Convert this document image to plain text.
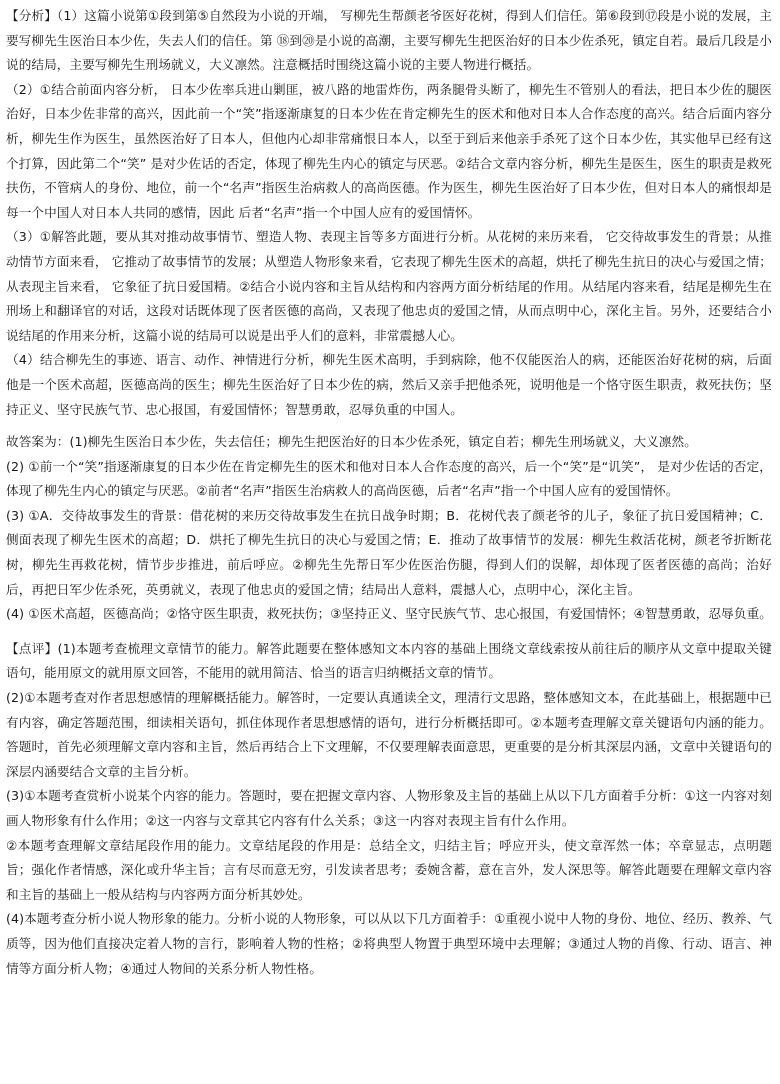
【分析】（1）这篇小说第①段到第⑤自然段为小说的开端， 写柳先生帮颜老爷医好花树，得到人们信任。第⑥段到⑰段是小说的发展，主要写柳先生医治日本少佐，失去人们的信任。第 ⑱到⑳是小说的高潮，主要写柳先生把医治好的日本少佐杀死，镇定自若。最后几段是小说的结局，主要写柳先生刑场就义，大义凛然。注意概括时围绕这篇小说的主要人物进行概括。

（2）①结合前面内容分析， 日本少佐率兵进山剿匪，被八路的地雷炸伤，两条腿骨头断了，柳先生不管别人的看法，把日本少佐的腿医治好，日本少佐非常的高兴，因此前一个“笑”指逐渐康复的日本少佐在肯定柳先生的医术和他对日本人合作态度的高兴。结合后面内容分析，柳先生作为医生，虽然医治好了日本人，但他内心却非常痛恨日本人，以至于到后来他亲手杀死了这个日本少佐，其实他早已经有这个打算，因此第二个“笑” 是对少佐话的否定，体现了柳先生内心的镇定与厌恶。②结合文章内容分析，柳先生是医生，医生的职责是救死扶伤，不管病人的身份、地位，前一个“名声”指医生治病救人的高尚医德。作为医生，柳先生医治好了日本少佐，但对日本人的痛恨却是每一个中国人对日本人共同的感情，因此 后者“名声”指一个中国人应有的爱国情怀。

（3）①解答此题，要从其对推动故事情节、塑造人物、表现主旨等多方面进行分析。从花树的来历来看， 它交待故事发生的背景；从推动情节方面来看， 它推动了故事情节的发展；从塑造人物形象来看，它表现了柳先生医术的高超，烘托了柳先生抗日的决心与爱国之情；从表现主旨来看， 它象征了抗日爱国精。②结合小说内容和主旨从结构和内容两方面分析结尾的作用。从结尾内容来看，结尾是柳先生在刑场上和翻译官的对话，这段对话既体现了医者医德的高尚，又表现了他忠贞的爱国之情，从而点明中心，深化主旨。另外，还要结合小说结尾的作用来分析，这篇小说的结局可以说是出乎人们的意料，非常震撼人心。

（4）结合柳先生的事迹、语言、动作、神情进行分析，柳先生医术高明，手到病除，他不仅能医治人的病，还能医治好花树的病，后面他是一个医术高超，医德高尚的医生；柳先生医治好了日本少佐的病，然后又亲手把他杀死，说明他是一个恪守医生职责，救死扶伤；坚持正义、坚守民族气节、忠心报国，有爱国情怀；智慧勇敢，忍辱负重的中国人。

故答案为：(1)柳先生医治日本少佐，失去信任；柳先生把医治好的日本少佐杀死，镇定自若；柳先生刑场就义，大义凛然。

(2) ①前一个“笑”指逐渐康复的日本少佐在肯定柳先生的医术和他对日本人合作态度的高兴，后一个“笑”是“讥笑”， 是对少佐话的否定，体现了柳先生内心的镇定与厌恶。②前者“名声”指医生治病救人的高尚医德，后者“名声”指一个中国人应有的爱国情怀。

(3) ①A．交待故事发生的背景：借花树的来历交待故事发生在抗日战争时期；B．花树代表了颜老爷的儿子，象征了抗日爱国精神；C．侧面表现了柳先生医术的高超；D．烘托了柳先生抗日的决心与爱国之情；E．推动了故事情节的发展：柳先生救活花树，颜老爷折断花树，柳先生再救花树，情节步步推进，前后呼应。②柳先生先帮日军少佐医治伤腿，得到人们的误解，却体现了医者医德的高尚；治好后，再把日军少佐杀死，英勇就义，表现了他忠贞的爱国之情；结局出人意料，震撼人心，点明中心，深化主旨。

(4) ①医术高超，医德高尚；②恪守医生职责，救死扶伤；③坚持正义、坚守民族气节、忠心报国，有爱国情怀；④智慧勇敢，忍辱负重。

【点评】(1)本题考查梳理文章情节的能力。解答此题要在整体感知文本内容的基础上围绕文章线索按从前往后的顺序从文章中提取关键语句，能用原文的就用原文回答，不能用的就用简洁、恰当的语言归纳概括文章的情节。

(2)①本题考查对作者思想感情的理解概括能力。解答时，一定要认真通读全文，理清行文思路，整体感知文本，在此基础上，根据题中已有内容，确定答题范围，细读相关语句，抓住体现作者思想感情的语句，进行分析概括即可。②本题考查理解文章关键语句内涵的能力。答题时，首先必须理解文章内容和主旨，然后再结合上下文理解，不仅要理解表面意思，更重要的是分析其深层内涵，文章中关键语句的深层内涵要结合文章的主旨分析。

(3)①本题考查赏析小说某个内容的能力。答题时，要在把握文章内容、人物形象及主旨的基础上从以下几方面着手分析：①这一内容对刻画人物形象有什么作用；②这一内容与文章其它内容有什么关系；③这一内容对表现主旨有什么作用。

②本题考查理解文章结尾段作用的能力。文章结尾段的作用是：总结全文，归结主旨；呼应开头，使文章浑然一体；卒章显志，点明题旨；强化作者情感，深化或升华主旨；言有尽而意无穷，引发读者思考；委婉含蓄，意在言外，发人深思等。解答此题要在理解文章内容和主旨的基础上一般从结构与内容两方面分析其妙处。

(4)本题考查分析小说人物形象的能力。分析小说的人物形象，可以从以下几方面着手：①重视小说中人物的身份、地位、经历、教养、气质等，因为他们直接决定着人物的言行，影响着人物的性格；②将典型人物置于典型环境中去理解；③通过人物的肖像、行动、语言、神情等方面分析人物；④通过人物间的关系分析人物性格。
